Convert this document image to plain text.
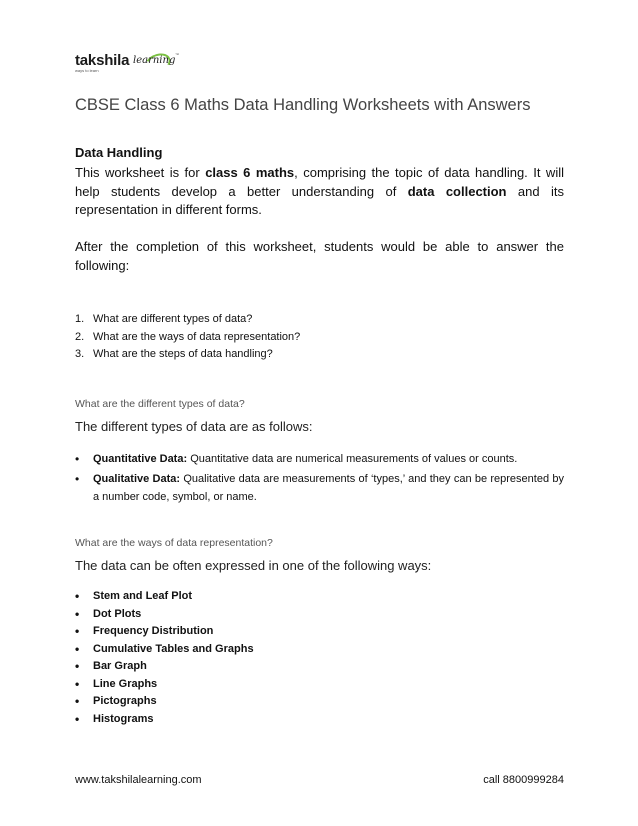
takshila learning
ways to learn
™
CBSE Class 6 Maths Data Handling Worksheets with Answers
Data Handling

This worksheet is for class 6 maths, comprising the topic of data handling. It will help students develop a better understanding of data collection and its representation in different forms.

After the completion of this worksheet, students would be able to answer the following:

1. What are different types of data?
2. What are the ways of data representation?
3. What are the steps of data handling?

What are the different types of data?

The different types of data are as follows:

• Quantitative Data: Quantitative data are numerical measurements of values or counts.
• Qualitative Data: Qualitative data are measurements of ‘types,’ and they can be represented by a number code, symbol, or name.

What are the ways of data representation?

The data can be often expressed in one of the following ways:

• Stem and Leaf Plot
• Dot Plots
• Frequency Distribution
• Cumulative Tables and Graphs
• Bar Graph
• Line Graphs
• Pictographs
• Histograms
www.takshilalearning.com	call 8800999284
